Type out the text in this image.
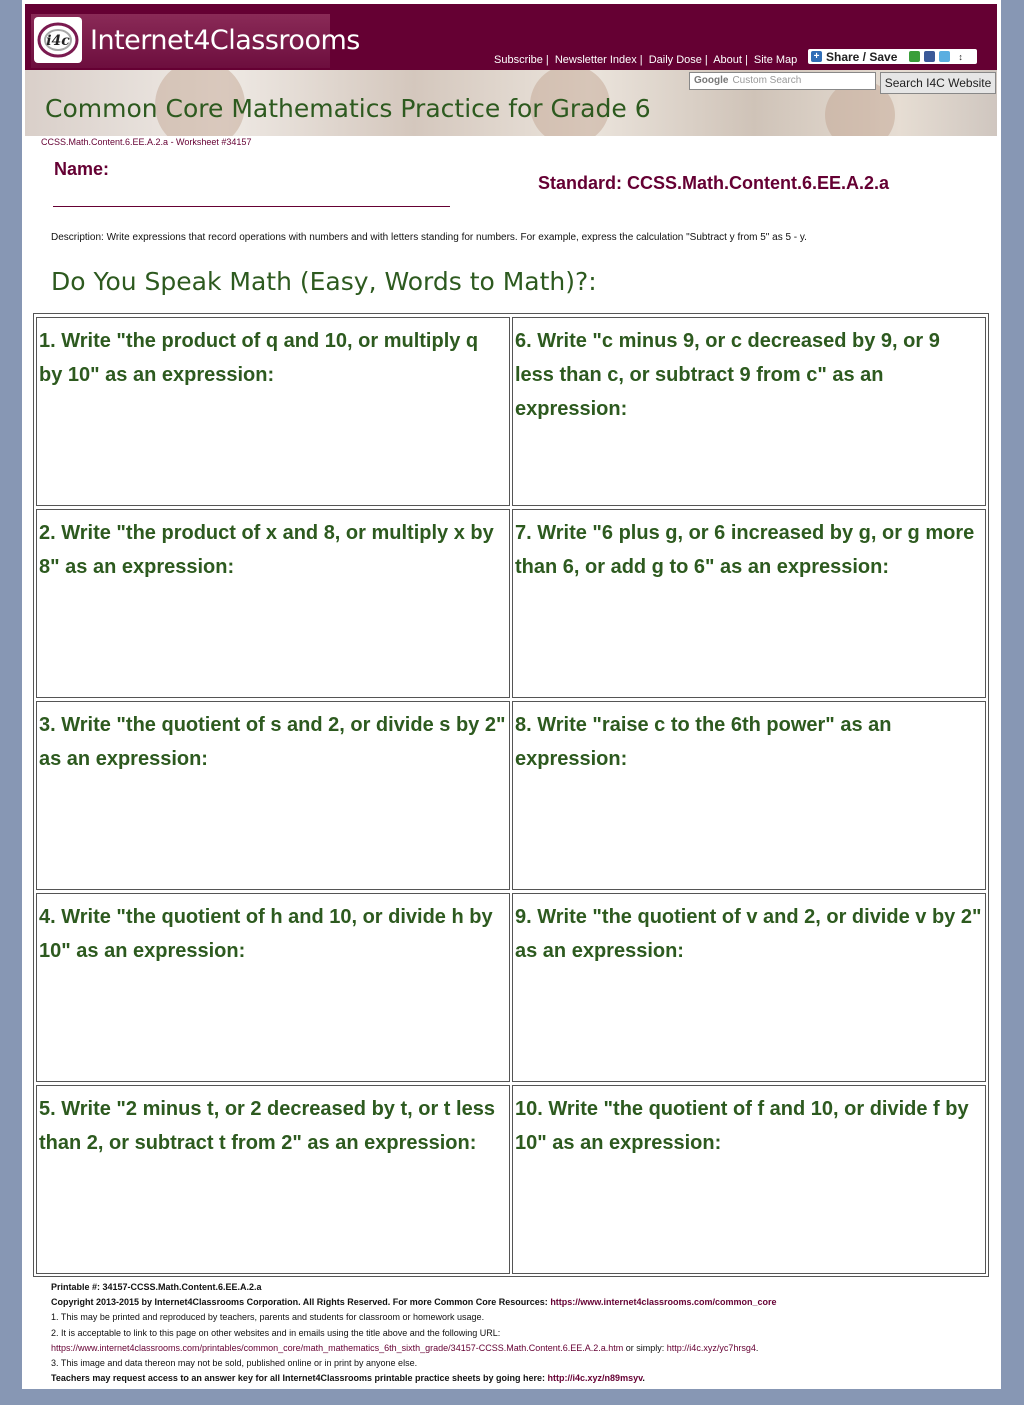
i4c Internet4Classrooms
Subscribe | Newsletter Index | Daily Dose | About | Site Map + Share / Save	↕
Common Core Mathematics Practice for Grade 6
Google Custom Search	Search I4C Website
CCSS.Math.Content.6.EE.A.2.a - Worksheet #34157
Name:
Standard: CCSS.Math.Content.6.EE.A.2.a
Description: Write expressions that record operations with numbers and with letters standing for numbers. For example, express the calculation "Subtract y from 5" as 5 - y.
Do You Speak Math (Easy, Words to Math)?:
1. Write "the product of q and 10, or multiply q by 10" as an expression:
6. Write "c minus 9, or c decreased by 9, or 9 less than c, or subtract 9 from c" as an expression:
2. Write "the product of x and 8, or multiply x by 8" as an expression:
7. Write "6 plus g, or 6 increased by g, or g more than 6, or add g to 6" as an expression:
3. Write "the quotient of s and 2, or divide s by 2" as an expression:
8. Write "raise c to the 6th power" as an expression:
4. Write "the quotient of h and 10, or divide h by 10" as an expression:
9. Write "the quotient of v and 2, or divide v by 2" as an expression:
5. Write "2 minus t, or 2 decreased by t, or t less than 2, or subtract t from 2" as an expression:
10. Write "the quotient of f and 10, or divide f by 10" as an expression:
Printable #: 34157-CCSS.Math.Content.6.EE.A.2.a
Copyright 2013-2015 by Internet4Classrooms Corporation. All Rights Reserved. For more Common Core Resources: https://www.internet4classrooms.com/common_core
1. This may be printed and reproduced by teachers, parents and students for classroom or homework usage.
2. It is acceptable to link to this page on other websites and in emails using the title above and the following URL:
https://www.internet4classrooms.com/printables/common_core/math_mathematics_6th_sixth_grade/34157-CCSS.Math.Content.6.EE.A.2.a.htm or simply: http://i4c.xyz/yc7hrsg4.
3. This image and data thereon may not be sold, published online or in print by anyone else.
Teachers may request access to an answer key for all Internet4Classrooms printable practice sheets by going here: http://i4c.xyz/n89msyv.
